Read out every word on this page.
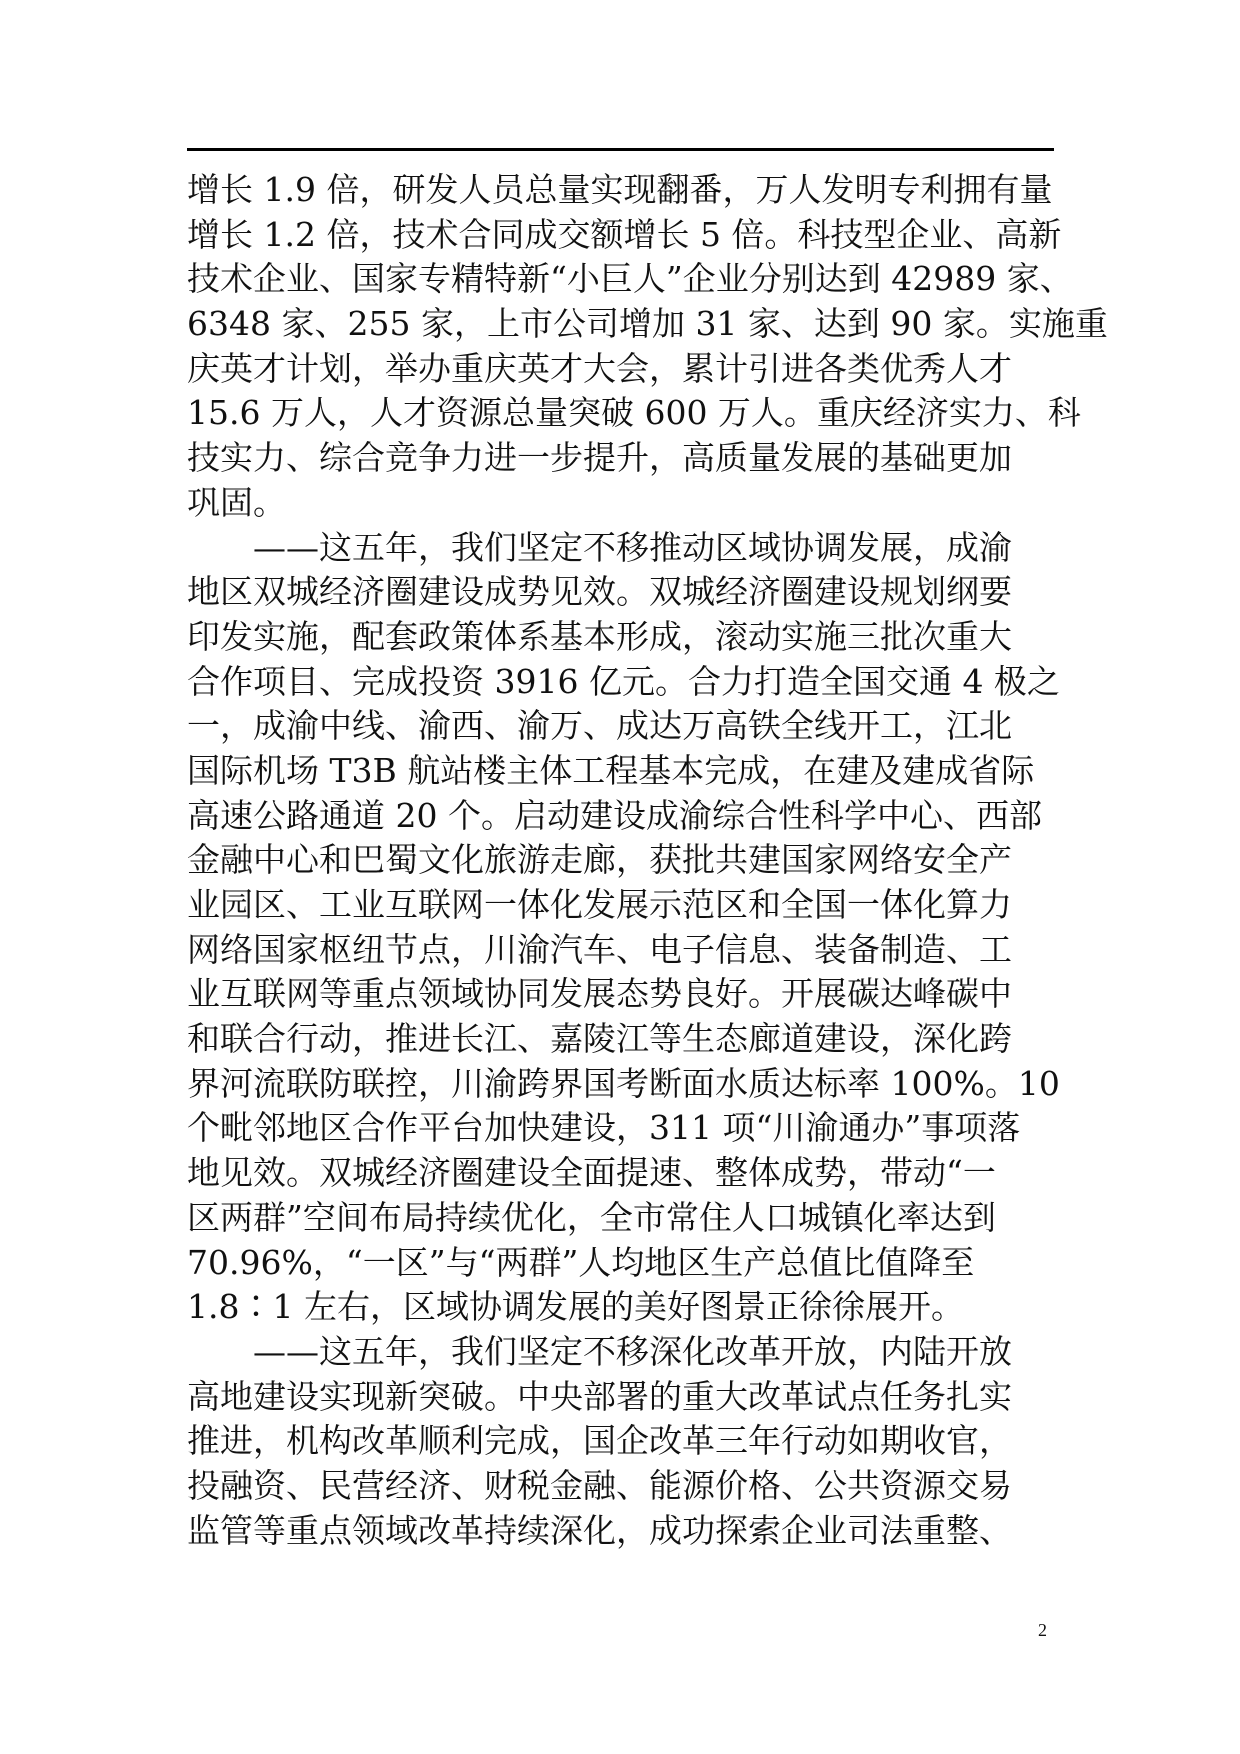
增长 1.9 倍，研发人员总量实现翻番，万人发明专利拥有量
增长 1.2 倍，技术合同成交额增长 5 倍。科技型企业、高新
技术企业、国家专精特新“小巨人”企业分别达到 42989 家、
6348 家、255 家，上市公司增加 31 家、达到 90 家。实施重
庆英才计划，举办重庆英才大会，累计引进各类优秀人才
15.6 万人，人才资源总量突破 600 万人。重庆经济实力、科
技实力、综合竞争力进一步提升，高质量发展的基础更加
巩固。
　　——这五年，我们坚定不移推动区域协调发展，成渝
地区双城经济圈建设成势见效。双城经济圈建设规划纲要
印发实施，配套政策体系基本形成，滚动实施三批次重大
合作项目、完成投资 3916 亿元。合力打造全国交通 4 极之
一，成渝中线、渝西、渝万、成达万高铁全线开工，江北
国际机场 T3B 航站楼主体工程基本完成，在建及建成省际
高速公路通道 20 个。启动建设成渝综合性科学中心、西部
金融中心和巴蜀文化旅游走廊，获批共建国家网络安全产
业园区、工业互联网一体化发展示范区和全国一体化算力
网络国家枢纽节点，川渝汽车、电子信息、装备制造、工
业互联网等重点领域协同发展态势良好。开展碳达峰碳中
和联合行动，推进长江、嘉陵江等生态廊道建设，深化跨
界河流联防联控，川渝跨界国考断面水质达标率 100%。10
个毗邻地区合作平台加快建设，311 项“川渝通办”事项落
地见效。双城经济圈建设全面提速、整体成势，带动“一
区两群”空间布局持续优化，全市常住人口城镇化率达到
70.96%，“一区”与“两群”人均地区生产总值比值降至
1.8∶1 左右，区域协调发展的美好图景正徐徐展开。
　　——这五年，我们坚定不移深化改革开放，内陆开放
高地建设实现新突破。中央部署的重大改革试点任务扎实
推进，机构改革顺利完成，国企改革三年行动如期收官，
投融资、民营经济、财税金融、能源价格、公共资源交易
监管等重点领域改革持续深化，成功探索企业司法重整、
2
